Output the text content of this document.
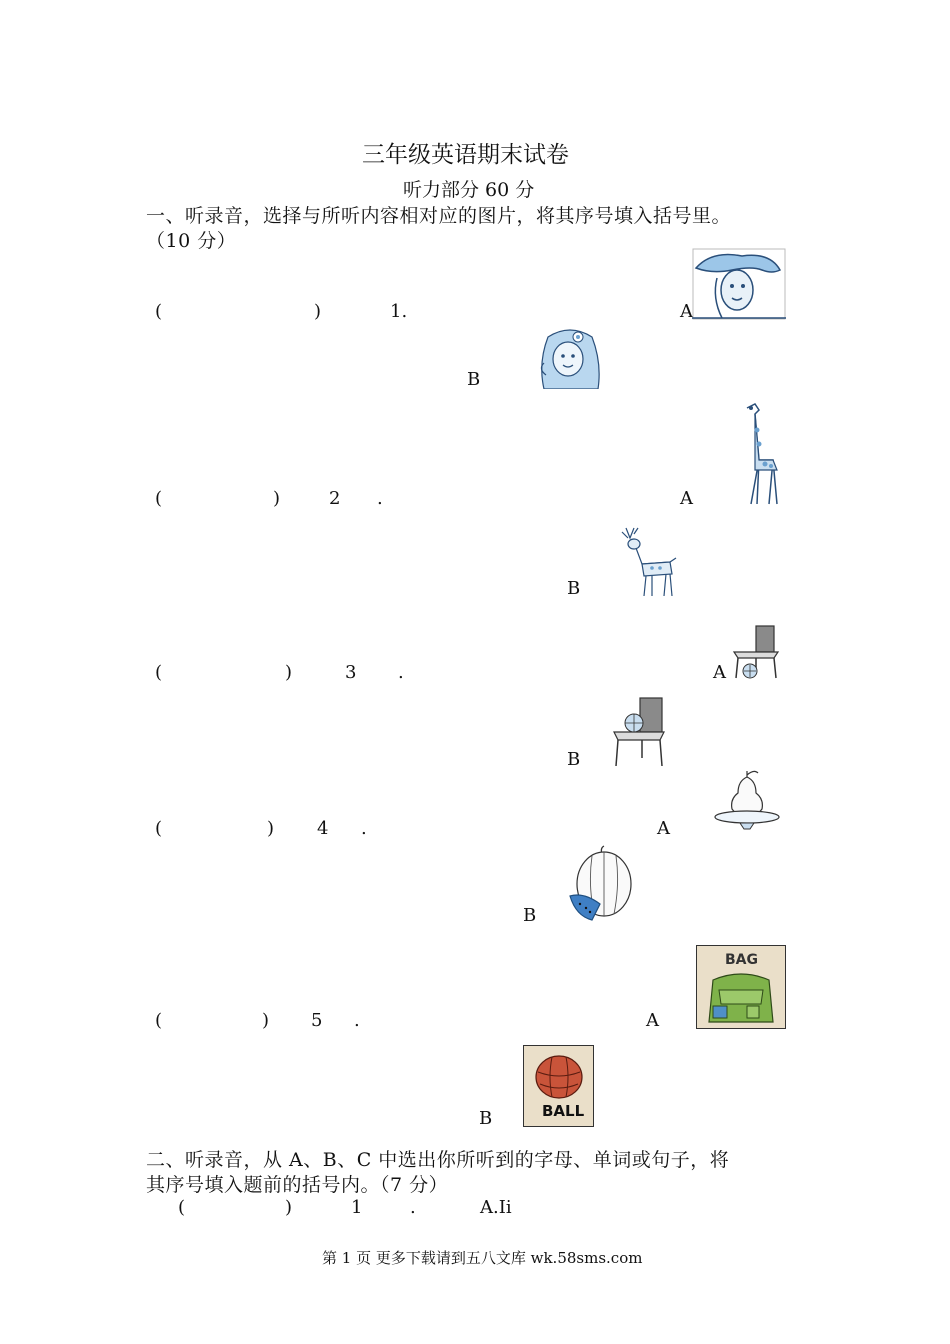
三年级英语期末试卷
听力部分 60 分
一、听录音，选择与所听内容相对应的图片，将其序号填入括号里。
（10 分）
(	)	1.	A
B
(	)	2 .	A
B
(	)	3 .	A
B
(	) 4 .	A
B
(	) 5 .	A
BAG
B	BALL
二、听录音，从 A、B、C 中选出你所听到的字母、单词或句子，将
其序号填入题前的括号内。（7 分）
(	)	1	.	A.Ii
第 1 页 更多下载请到五八文库 wk.58sms.com
